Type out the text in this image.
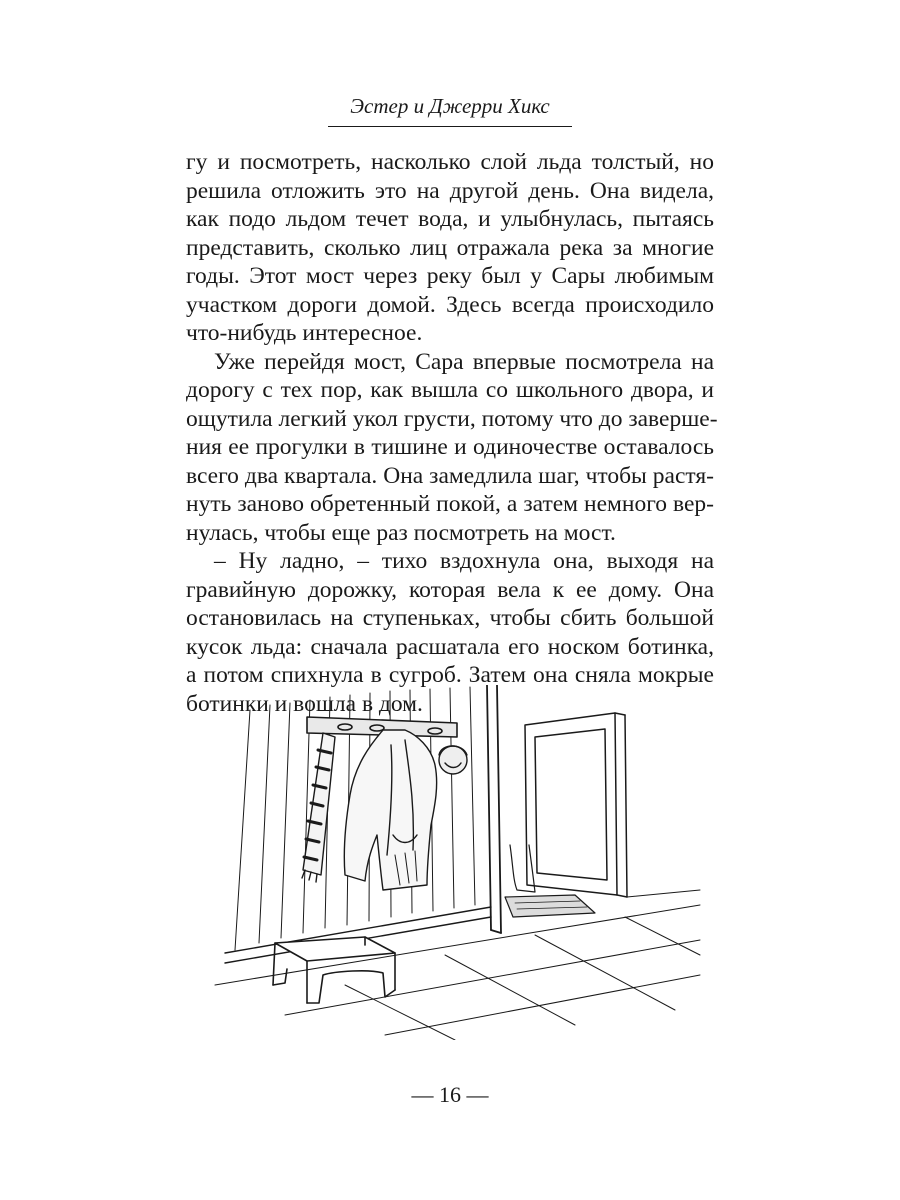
Эстер и Джерри Хикс

гу и посмотреть, насколько слой льда толстый, но
решила отложить это на другой день. Она видела,
как подо льдом течет вода, и улыбнулась, пытаясь
представить, сколько лиц отражала река за многие
годы. Этот мост через реку был у Сары любимым
участком дороги домой. Здесь всегда происходило
что-нибудь интересное.

Уже перейдя мост, Сара впервые посмотрела на
дорогу с тех пор, как вышла со школьного двора, и
ощутила легкий укол грусти, потому что до заверше-
ния ее прогулки в тишине и одиночестве оставалось
всего два квартала. Она замедлила шаг, чтобы растя-
нуть заново обретенный покой, а затем немного вер-
нулась, чтобы еще раз посмотреть на мост.

– Ну ладно, – тихо вздохнула она, выходя на
гравийную дорожку, которая вела к ее дому. Она
остановилась на ступеньках, чтобы сбить большой
кусок льда: сначала расшатала его носком ботинка,
а потом спихнула в сугроб. Затем она сняла мокрые
ботинки и вошла в дом.

— 16 —
